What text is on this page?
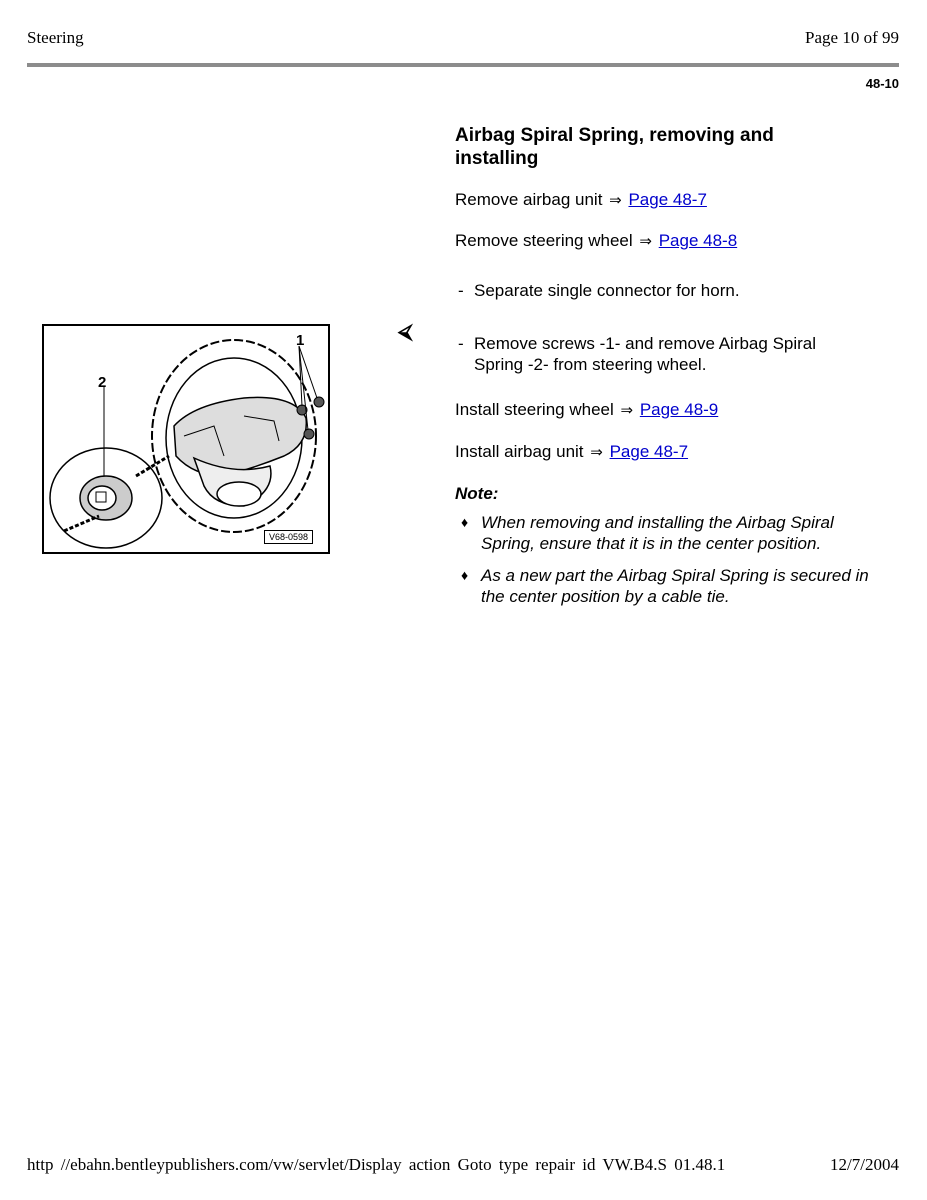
Steering	Page 10 of 99
48-10
1
2
V68-0598
⮘
Airbag Spiral Spring, removing and installing
Remove airbag unit ⇒ Page 48-7
Remove steering wheel ⇒ Page 48-8
- Separate single connector for horn.
- Remove screws -1- and remove Airbag Spiral Spring -2- from steering wheel.
Install steering wheel ⇒ Page 48-9
Install airbag unit ⇒ Page 48-7
Note:
♦ When removing and installing the Airbag Spiral Spring, ensure that it is in the center position.
♦ As a new part the Airbag Spiral Spring is secured in the center position by a cable tie.
http //ebahn.bentleypublishers.com/vw/servlet/Display action Goto type repair id VW.B4.S 01.48.1	12/7/2004
